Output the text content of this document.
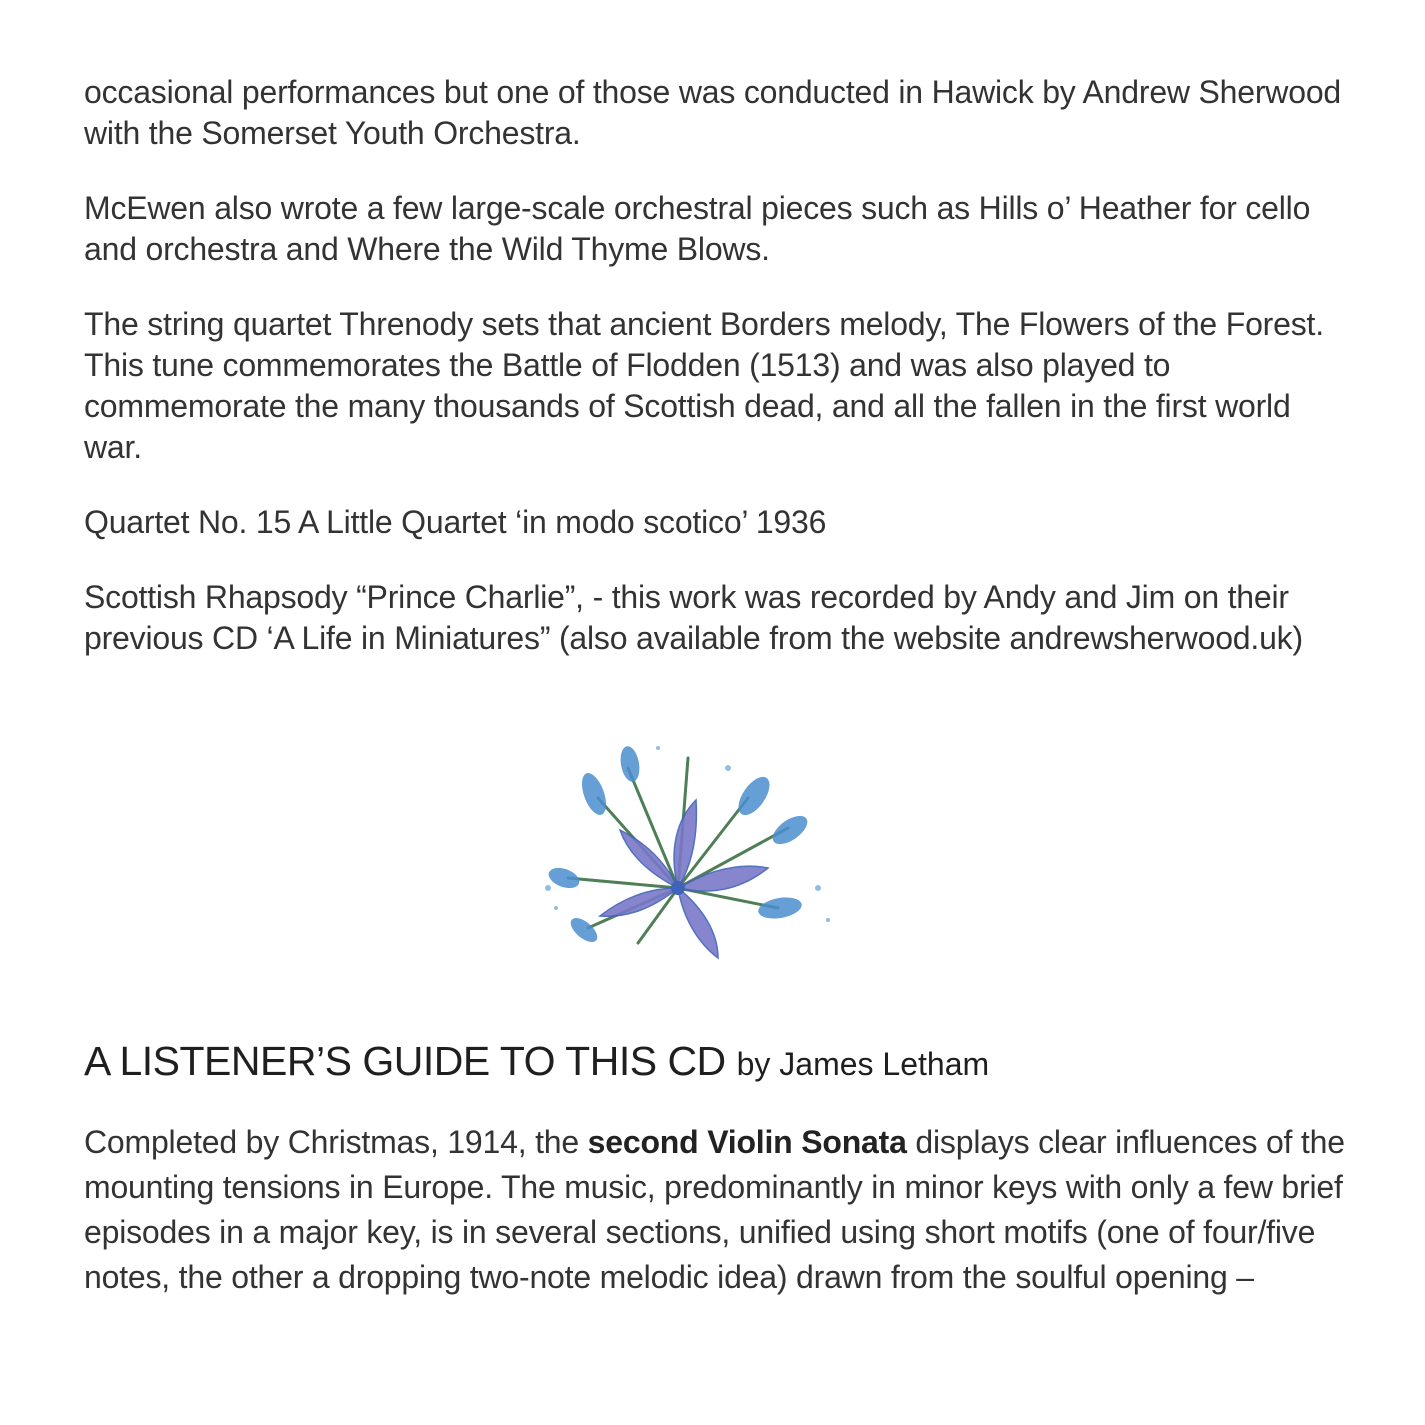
occasional performances but one of those was conducted in Hawick by Andrew Sherwood with the Somerset Youth Orchestra.

McEwen also wrote a few large-scale orchestral pieces such as Hills o’ Heather for cello and orchestra and Where the Wild Thyme Blows.

The string quartet Threnody sets that ancient Borders melody, The Flowers of the Forest. This tune commemorates the Battle of Flodden (1513) and was also played to commemorate the many thousands of Scottish dead, and all the fallen in the first world war.

Quartet No. 15 A Little Quartet ‘in modo scotico’ 1936

Scottish Rhapsody “Prince Charlie”, - this work was recorded by Andy and Jim on their previous CD ‘A Life in Miniatures” (also available from the website andrewsherwood.uk)

A LISTENER’S GUIDE TO THIS CD by James Letham

Completed by Christmas, 1914, the second Violin Sonata displays clear influences of the mounting tensions in Europe. The music, predominantly in minor keys with only a few brief episodes in a major key, is in several sections, unified using short motifs (one of four/five notes, the other a dropping two-note melodic idea) drawn from the soulful opening –
